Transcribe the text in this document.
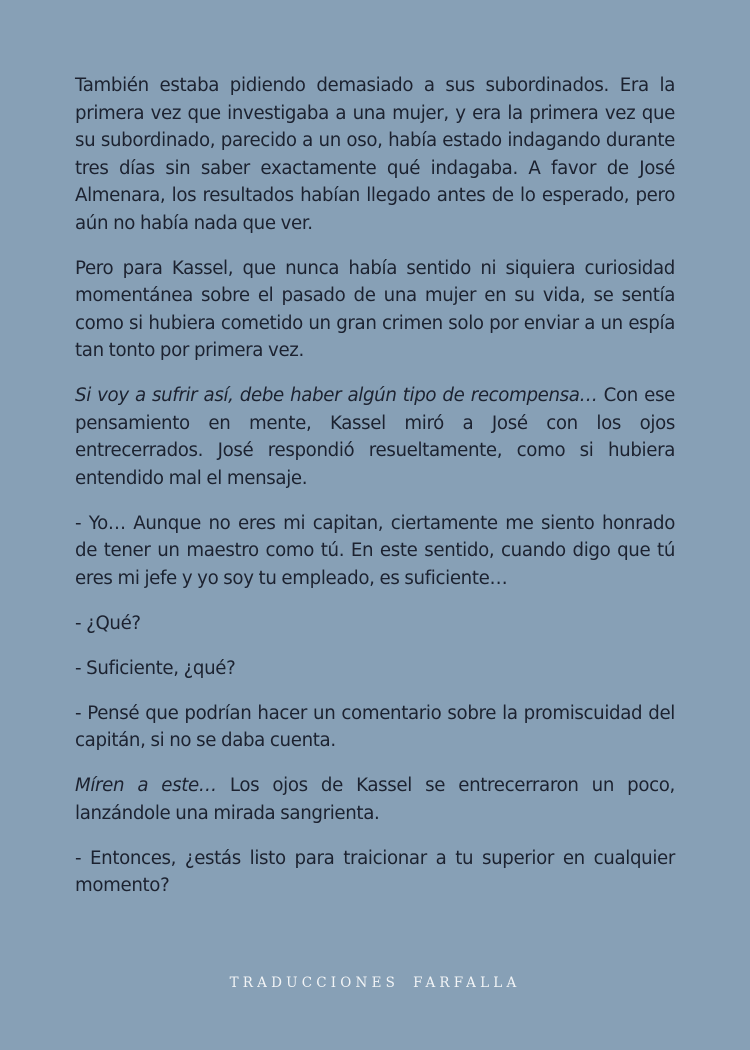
También estaba pidiendo demasiado a sus subordinados. Era la primera vez que investigaba a una mujer, y era la primera vez que su subordinado, parecido a un oso, había estado indagando durante tres días sin saber exactamente qué indagaba. A favor de José Almenara, los resultados habían llegado antes de lo esperado, pero aún no había nada que ver.

Pero para Kassel, que nunca había sentido ni siquiera curiosidad momentánea sobre el pasado de una mujer en su vida, se sentía como si hubiera cometido un gran crimen solo por enviar a un espía tan tonto por primera vez.

Si voy a sufrir así, debe haber algún tipo de recompensa… Con ese pensamiento en mente, Kassel miró a José con los ojos entrecerrados. José respondió resueltamente, como si hubiera entendido mal el mensaje.

- Yo… Aunque no eres mi capitan, ciertamente me siento honrado de tener un maestro como tú. En este sentido, cuando digo que tú eres mi jefe y yo soy tu empleado, es suficiente…

- ¿Qué?

- Suficiente, ¿qué?

- Pensé que podrían hacer un comentario sobre la promiscuidad del capitán, si no se daba cuenta.

Míren a este… Los ojos de Kassel se entrecerraron un poco, lanzándole una mirada sangrienta.

- Entonces, ¿estás listo para traicionar a tu superior en cualquier momento?

TRADUCCIONES FARFALLA
